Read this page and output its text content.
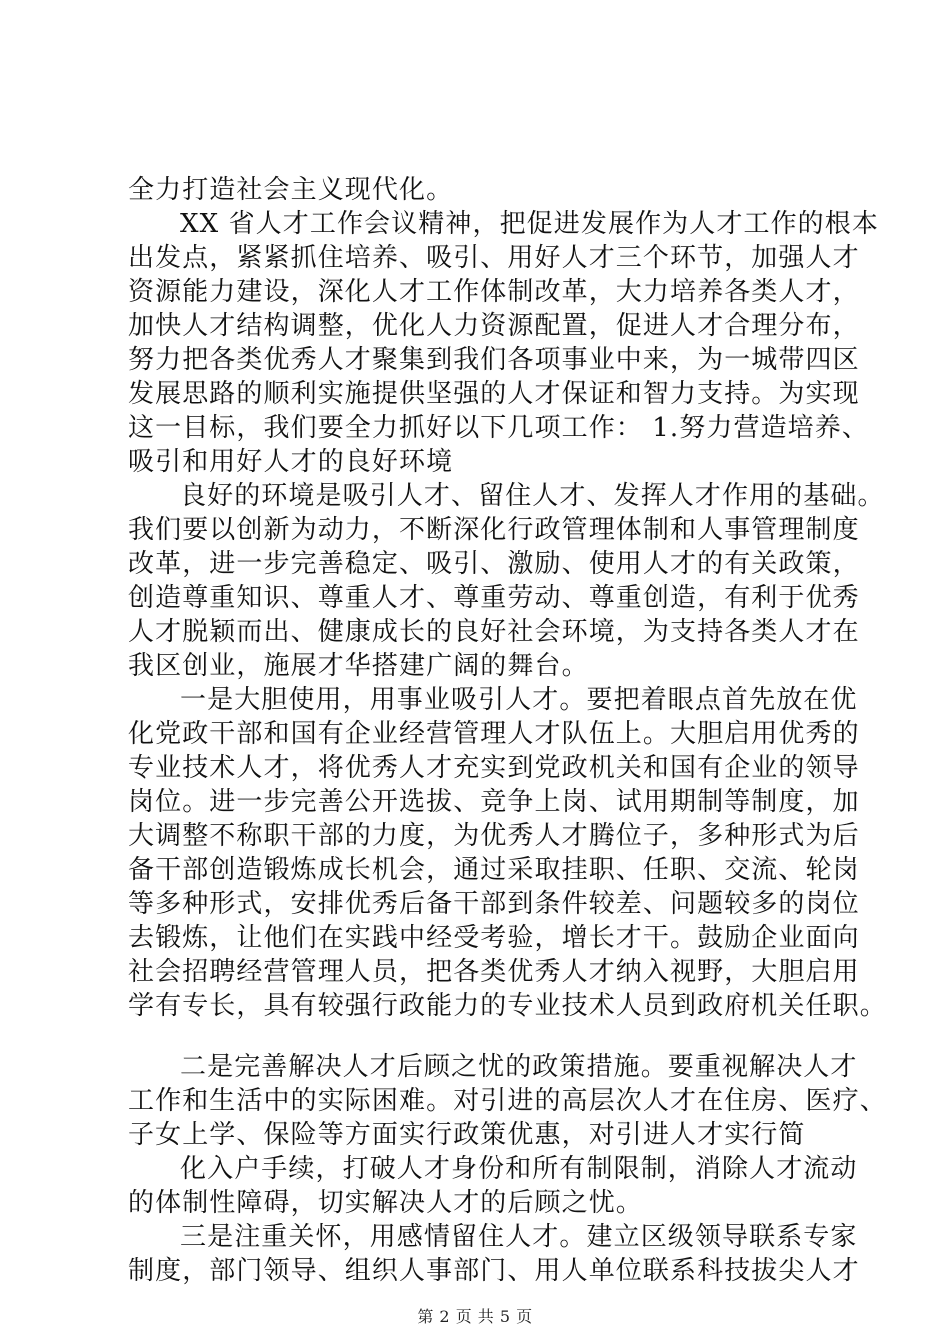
全力打造社会主义现代化。
XX 省人才工作会议精神，把促进发展作为人才工作的根本
出发点，紧紧抓住培养、吸引、用好人才三个环节，加强人才
资源能力建设，深化人才工作体制改革，大力培养各类人才，
加快人才结构调整，优化人力资源配置，促进人才合理分布，
努力把各类优秀人才聚集到我们各项事业中来，为一城带四区
发展思路的顺利实施提供坚强的人才保证和智力支持。为实现
这一目标，我们要全力抓好以下几项工作： 1.努力营造培养、
吸引和用好人才的良好环境
良好的环境是吸引人才、留住人才、发挥人才作用的基础。
我们要以创新为动力，不断深化行政管理体制和人事管理制度
改革，进一步完善稳定、吸引、激励、使用人才的有关政策，
创造尊重知识、尊重人才、尊重劳动、尊重创造，有利于优秀
人才脱颖而出、健康成长的良好社会环境，为支持各类人才在
我区创业，施展才华搭建广阔的舞台。
一是大胆使用，用事业吸引人才。要把着眼点首先放在优
化党政干部和国有企业经营管理人才队伍上。大胆启用优秀的
专业技术人才，将优秀人才充实到党政机关和国有企业的领导
岗位。进一步完善公开选拔、竞争上岗、试用期制等制度，加
大调整不称职干部的力度，为优秀人才腾位子，多种形式为后
备干部创造锻炼成长机会，通过采取挂职、任职、交流、轮岗
等多种形式，安排优秀后备干部到条件较差、问题较多的岗位
去锻炼，让他们在实践中经受考验，增长才干。鼓励企业面向
社会招聘经营管理人员，把各类优秀人才纳入视野，大胆启用
学有专长，具有较强行政能力的专业技术人员到政府机关任职。
二是完善解决人才后顾之忧的政策措施。要重视解决人才
工作和生活中的实际困难。对引进的高层次人才在住房、医疗、
子女上学、保险等方面实行政策优惠，对引进人才实行简
化入户手续，打破人才身份和所有制限制，消除人才流动
的体制性障碍，切实解决人才的后顾之忧。
三是注重关怀，用感情留住人才。建立区级领导联系专家
制度，部门领导、组织人事部门、用人单位联系科技拔尖人才
第 2 页 共 5 页
